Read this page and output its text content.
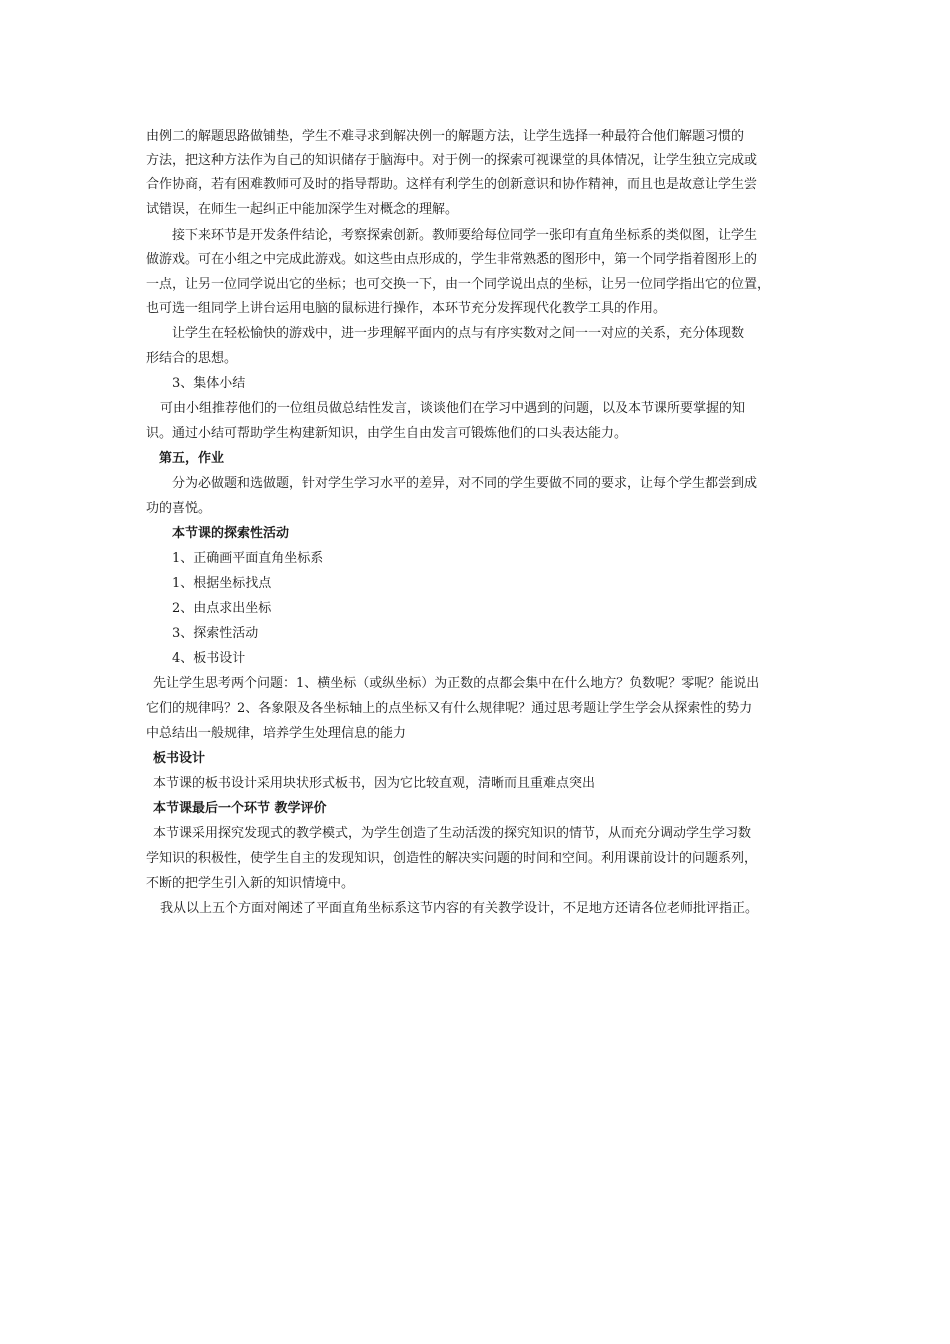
由例二的解题思路做铺垫，学生不难寻求到解决例一的解题方法，让学生选择一种最符合他们解题习惯的
方法，把这种方法作为自己的知识储存于脑海中。对于例一的探索可视课堂的具体情况，让学生独立完成或
合作协商，若有困难教师可及时的指导帮助。这样有利学生的创新意识和协作精神，而且也是故意让学生尝
试错误，在师生一起纠正中能加深学生对概念的理解。
接下来环节是开发条件结论，考察探索创新。教师要给每位同学一张印有直角坐标系的类似图，让学生
做游戏。可在小组之中完成此游戏。如这些由点形成的，学生非常熟悉的图形中，第一个同学指着图形上的
一点，让另一位同学说出它的坐标；也可交换一下，由一个同学说出点的坐标，让另一位同学指出它的位置，
也可选一组同学上讲台运用电脑的鼠标进行操作，本环节充分发挥现代化教学工具的作用。
让学生在轻松愉快的游戏中，进一步理解平面内的点与有序实数对之间一一对应的关系，充分体现数
形结合的思想。
3、集体小结
可由小组推荐他们的一位组员做总结性发言，谈谈他们在学习中遇到的问题，以及本节课所要掌握的知
识。通过小结可帮助学生构建新知识，由学生自由发言可锻炼他们的口头表达能力。
第五，作业
分为必做题和选做题，针对学生学习水平的差异，对不同的学生要做不同的要求，让每个学生都尝到成
功的喜悦。
本节课的探索性活动
1、正确画平面直角坐标系
1、根据坐标找点
2、由点求出坐标
3、探索性活动
4、板书设计
先让学生思考两个问题：1、横坐标（或纵坐标）为正数的点都会集中在什么地方？负数呢？零呢？能说出
它们的规律吗？2、各象限及各坐标轴上的点坐标又有什么规律呢？通过思考题让学生学会从探索性的势力
中总结出一般规律，培养学生处理信息的能力
板书设计
本节课的板书设计采用块状形式板书，因为它比较直观，清晰而且重难点突出
本节课最后一个环节 教学评价
本节课采用探究发现式的教学模式，为学生创造了生动活泼的探究知识的情节，从而充分调动学生学习数
学知识的积极性，使学生自主的发现知识，创造性的解决实问题的时间和空间。利用课前设计的问题系列，
不断的把学生引入新的知识情境中。
我从以上五个方面对阐述了平面直角坐标系这节内容的有关教学设计，不足地方还请各位老师批评指正。
